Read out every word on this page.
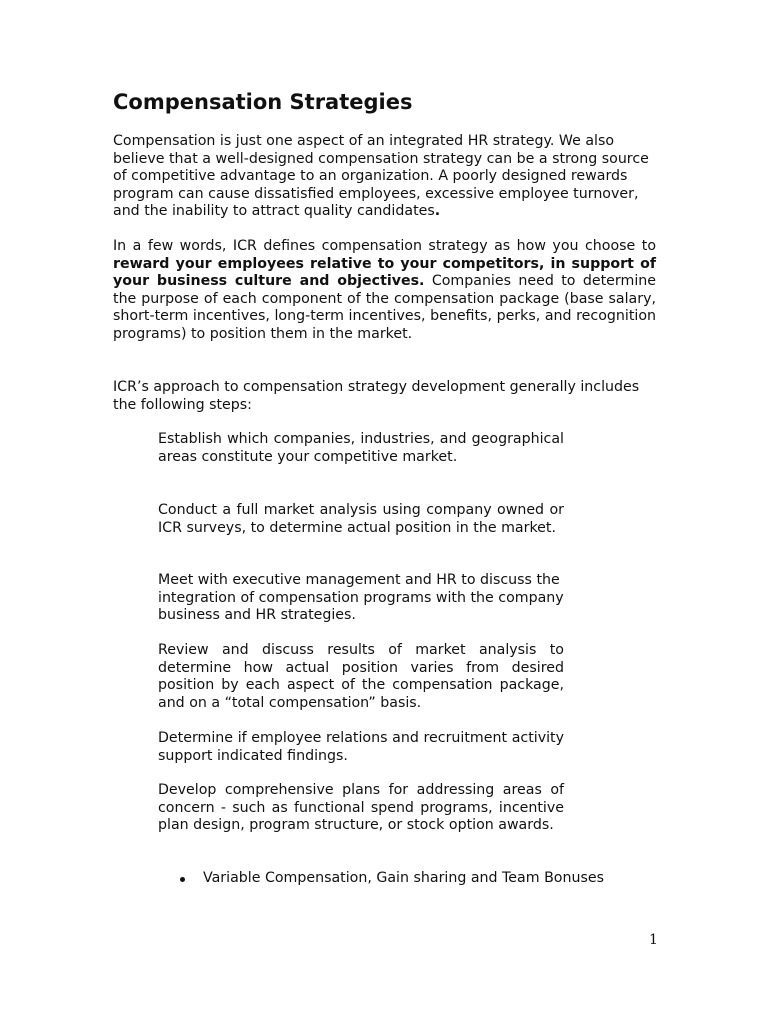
Compensation Strategies

Compensation is just one aspect of an integrated HR strategy. We also believe that a well-designed compensation strategy can be a strong source of competitive advantage to an organization. A poorly designed rewards program can cause dissatisfied employees, excessive employee turnover, and the inability to attract quality candidates.

In a few words, ICR defines compensation strategy as how you choose to reward your employees relative to your competitors, in support of your business culture and objectives. Companies need to determine the purpose of each component of the compensation package (base salary, short-term incentives, long-term incentives, benefits, perks, and recognition programs) to position them in the market.

ICR’s approach to compensation strategy development generally includes the following steps:

Establish which companies, industries, and geographical areas constitute your competitive market.

Conduct a full market analysis using company owned or ICR surveys, to determine actual position in the market.

Meet with executive management and HR to discuss the integration of compensation programs with the company business and HR strategies.

Review and discuss results of market analysis to determine how actual position varies from desired position by each aspect of the compensation package, and on a “total compensation” basis.

Determine if employee relations and recruitment activity support indicated findings.

Develop comprehensive plans for addressing areas of concern - such as functional spend programs, incentive plan design, program structure, or stock option awards.

Variable Compensation, Gain sharing and Team Bonuses
1
